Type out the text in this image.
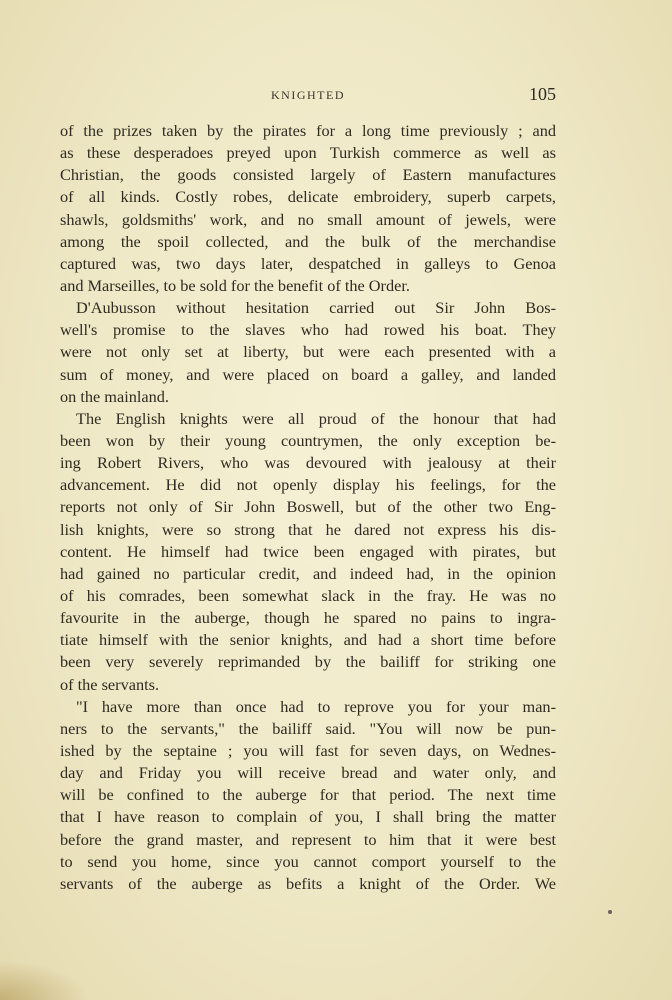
KNIGHTED	105
of the prizes taken by the pirates for a long time previously ; and
as these desperadoes preyed upon Turkish commerce as well as
Christian, the goods consisted largely of Eastern manufactures
of all kinds. Costly robes, delicate embroidery, superb carpets,
shawls, goldsmiths' work, and no small amount of jewels, were
among the spoil collected, and the bulk of the merchandise
captured was, two days later, despatched in galleys to Genoa
and Marseilles, to be sold for the benefit of the Order.
D'Aubusson without hesitation carried out Sir John Bos-
well's promise to the slaves who had rowed his boat. They
were not only set at liberty, but were each presented with a
sum of money, and were placed on board a galley, and landed
on the mainland.
The English knights were all proud of the honour that had
been won by their young countrymen, the only exception be-
ing Robert Rivers, who was devoured with jealousy at their
advancement. He did not openly display his feelings, for the
reports not only of Sir John Boswell, but of the other two Eng-
lish knights, were so strong that he dared not express his dis-
content. He himself had twice been engaged with pirates, but
had gained no particular credit, and indeed had, in the opinion
of his comrades, been somewhat slack in the fray. He was no
favourite in the auberge, though he spared no pains to ingra-
tiate himself with the senior knights, and had a short time before
been very severely reprimanded by the bailiff for striking one
of the servants.
"I have more than once had to reprove you for your man-
ners to the servants," the bailiff said. "You will now be pun-
ished by the septaine ; you will fast for seven days, on Wednes-
day and Friday you will receive bread and water only, and
will be confined to the auberge for that period. The next time
that I have reason to complain of you, I shall bring the matter
before the grand master, and represent to him that it were best
to send you home, since you cannot comport yourself to the
servants of the auberge as befits a knight of the Order. We
